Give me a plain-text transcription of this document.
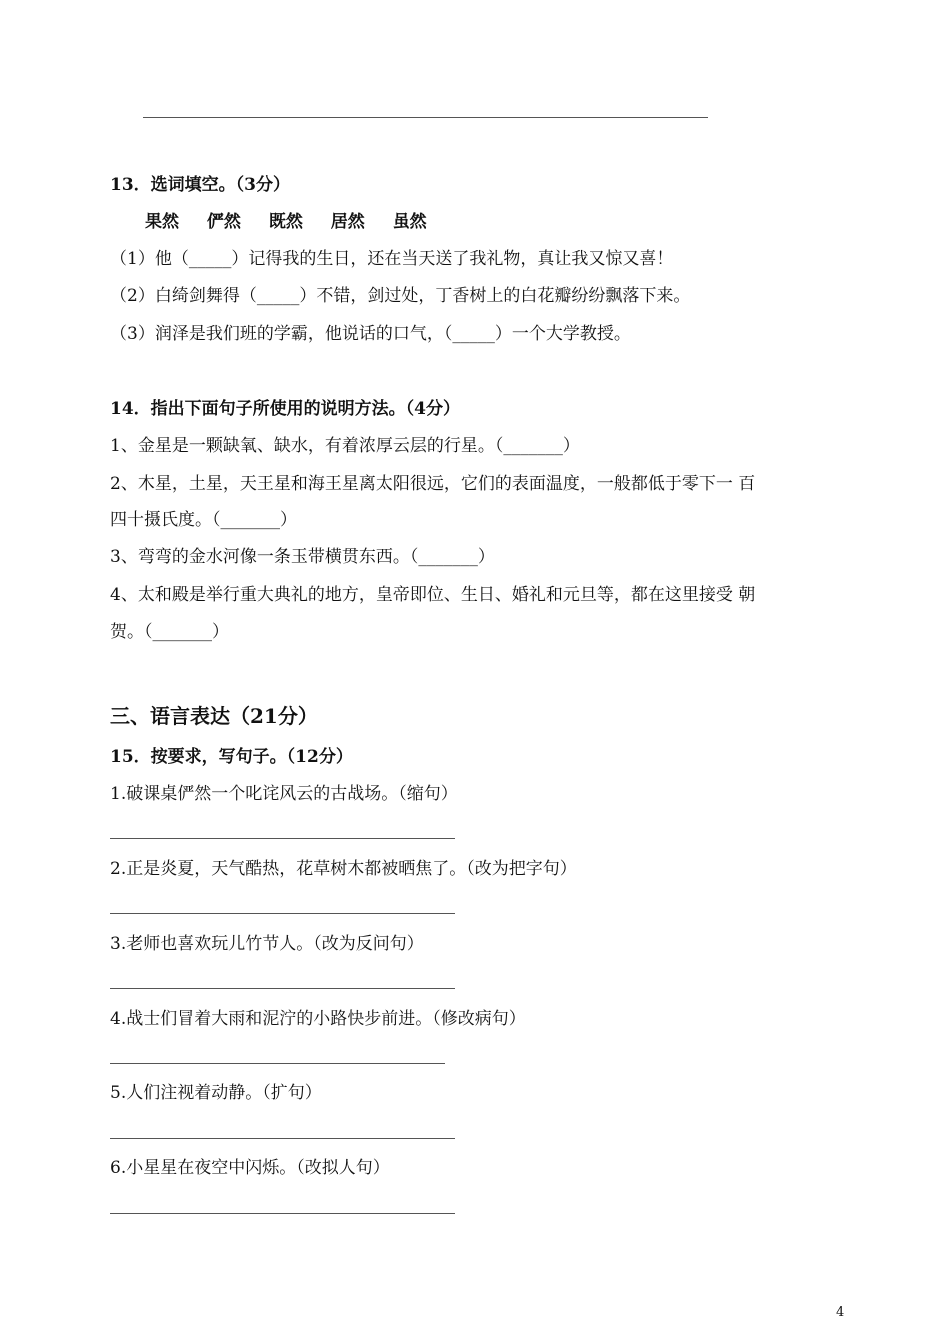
13．选词填空。（3分）
果然 俨然 既然 居然 虽然
（1）他（_____）记得我的生日，还在当天送了我礼物，真让我又惊又喜！
（2）白绮剑舞得（_____）不错，剑过处，丁香树上的白花瓣纷纷飘落下来。
（3）润泽是我们班的学霸，他说话的口气，（_____）一个大学教授。
14．指出下面句子所使用的说明方法。（4分）
1、金星是一颗缺氧、缺水，有着浓厚云层的行星。（_______）
2、木星，土星，天王星和海王星离太阳很远，它们的表面温度，一般都低于零下一 百
四十摄氏度。（_______）
3、弯弯的金水河像一条玉带横贯东西。（_______）
4、太和殿是举行重大典礼的地方，皇帝即位、生日、婚礼和元旦等，都在这里接受 朝
贺。（_______）
三、语言表达（21分）
15．按要求，写句子。（12分）
1.破课桌俨然一个叱诧风云的古战场。（缩句）
2.正是炎夏，天气酷热，花草树木都被晒焦了。（改为把字句）
3.老师也喜欢玩儿竹节人。（改为反问句）
4.战士们冒着大雨和泥泞的小路快步前进。（修改病句）
5.人们注视着动静。（扩句）
6.小星星在夜空中闪烁。（改拟人句）
4
